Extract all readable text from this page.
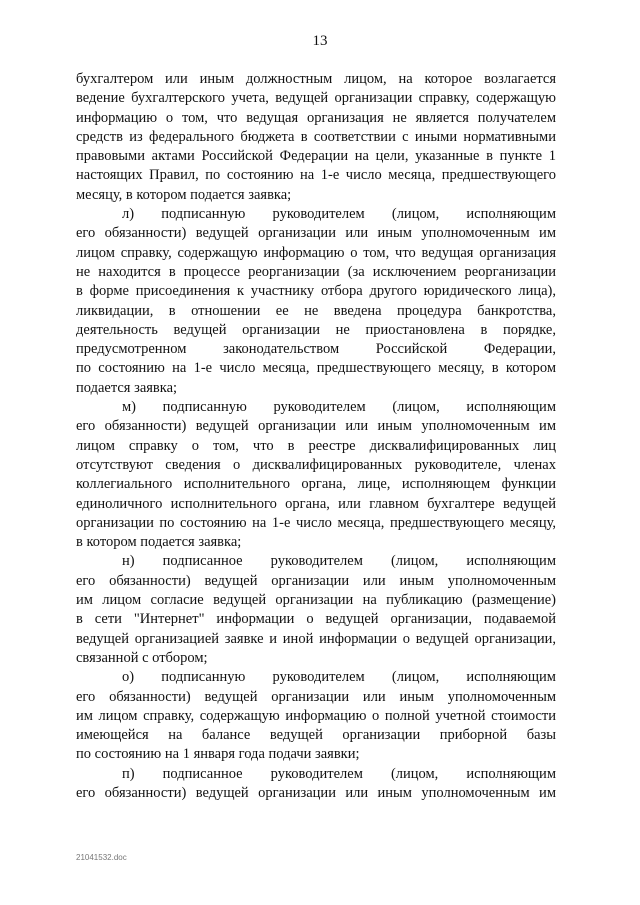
13
бухгалтером или иным должностным лицом, на которое возлагается
ведение бухгалтерского учета, ведущей организации справку, содержащую
информацию о том, что ведущая организация не является получателем
средств из федерального бюджета в соответствии с иными нормативными
правовыми актами Российской Федерации на цели, указанные в пункте 1
настоящих Правил, по состоянию на 1-е число месяца, предшествующего
месяцу, в котором подается заявка;
л) подписанную руководителем (лицом, исполняющим
его обязанности) ведущей организации или иным уполномоченным им
лицом справку, содержащую информацию о том, что ведущая организация
не находится в процессе реорганизации (за исключением реорганизации
в форме присоединения к участнику отбора другого юридического лица),
ликвидации, в отношении ее не введена процедура банкротства,
деятельность ведущей организации не приостановлена в порядке,
предусмотренном законодательством Российской Федерации,
по состоянию на 1-е число месяца, предшествующего месяцу, в котором
подается заявка;
м) подписанную руководителем (лицом, исполняющим
его обязанности) ведущей организации или иным уполномоченным им
лицом справку о том, что в реестре дисквалифицированных лиц
отсутствуют сведения о дисквалифицированных руководителе, членах
коллегиального исполнительного органа, лице, исполняющем функции
единоличного исполнительного органа, или главном бухгалтере ведущей
организации по состоянию на 1-е число месяца, предшествующего месяцу,
в котором подается заявка;
н) подписанное руководителем (лицом, исполняющим
его обязанности) ведущей организации или иным уполномоченным
им лицом согласие ведущей организации на публикацию (размещение)
в сети "Интернет" информации о ведущей организации, подаваемой
ведущей организацией заявке и иной информации о ведущей организации,
связанной с отбором;
о) подписанную руководителем (лицом, исполняющим
его обязанности) ведущей организации или иным уполномоченным
им лицом справку, содержащую информацию о полной учетной стоимости
имеющейся на балансе ведущей организации приборной базы
по состоянию на 1 января года подачи заявки;
п) подписанное руководителем (лицом, исполняющим
его обязанности) ведущей организации или иным уполномоченным им
21041532.doc
